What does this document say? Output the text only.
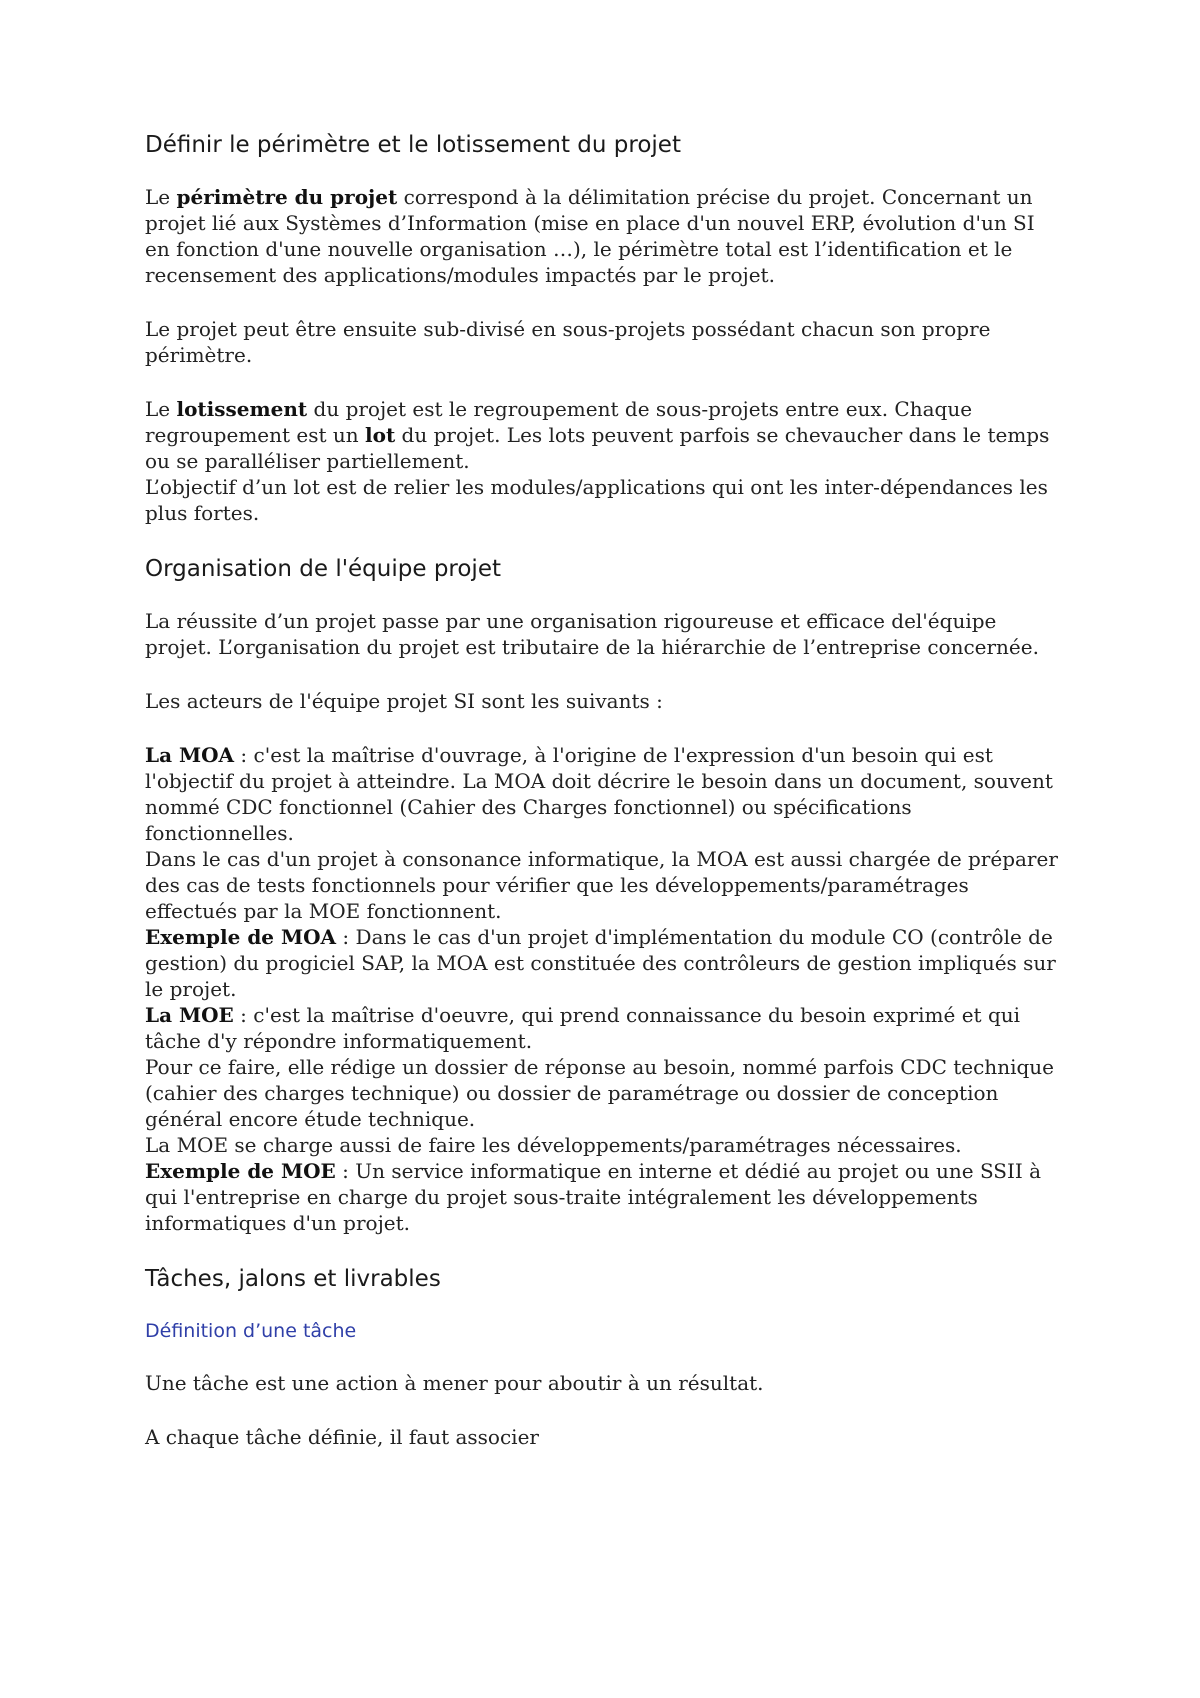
Définir le périmètre et le lotissement du projet

Le périmètre du projet correspond à la délimitation précise du projet. Concernant un projet lié aux Systèmes d’Information (mise en place d'un nouvel ERP, évolution d'un SI en fonction d'une nouvelle organisation …), le périmètre total est l’identification et le recensement des applications/modules impactés par le projet.

Le projet peut être ensuite sub-divisé en sous-projets possédant chacun son propre périmètre.

Le lotissement du projet est le regroupement de sous-projets entre eux. Chaque regroupement est un lot du projet. Les lots peuvent parfois se chevaucher dans le temps ou se paralléliser partiellement.

L’objectif d’un lot est de relier les modules/applications qui ont les inter-dépendances les plus fortes.

Organisation de l'équipe projet

La réussite d’un projet passe par une organisation rigoureuse et efficace del'équipe projet. L’organisation du projet est tributaire de la hiérarchie de l’entreprise concernée.

Les acteurs de l'équipe projet SI sont les suivants :

La MOA : c'est la maîtrise d'ouvrage, à l'origine de l'expression d'un besoin qui est l'objectif du projet à atteindre. La MOA doit décrire le besoin dans un document, souvent nommé CDC fonctionnel (Cahier des Charges fonctionnel) ou spécifications fonctionnelles.

Dans le cas d'un projet à consonance informatique, la MOA est aussi chargée de préparer des cas de tests fonctionnels pour vérifier que les développements/paramétrages effectués par la MOE fonctionnent.

Exemple de MOA : Dans le cas d'un projet d'implémentation du module CO (contrôle de gestion) du progiciel SAP, la MOA est constituée des contrôleurs de gestion impliqués sur le projet.

La MOE : c'est la maîtrise d'oeuvre, qui prend connaissance du besoin exprimé et qui tâche d'y répondre informatiquement.

Pour ce faire, elle rédige un dossier de réponse au besoin, nommé parfois CDC technique (cahier des charges technique) ou dossier de paramétrage ou dossier de conception général encore étude technique.

La MOE se charge aussi de faire les développements/paramétrages nécessaires.

Exemple de MOE : Un service informatique en interne et dédié au projet ou une SSII à qui l'entreprise en charge du projet sous-traite intégralement les développements informatiques d'un projet.

Tâches, jalons et livrables
Définition d’une tâche

Une tâche est une action à mener pour aboutir à un résultat.

A chaque tâche définie, il faut associer
